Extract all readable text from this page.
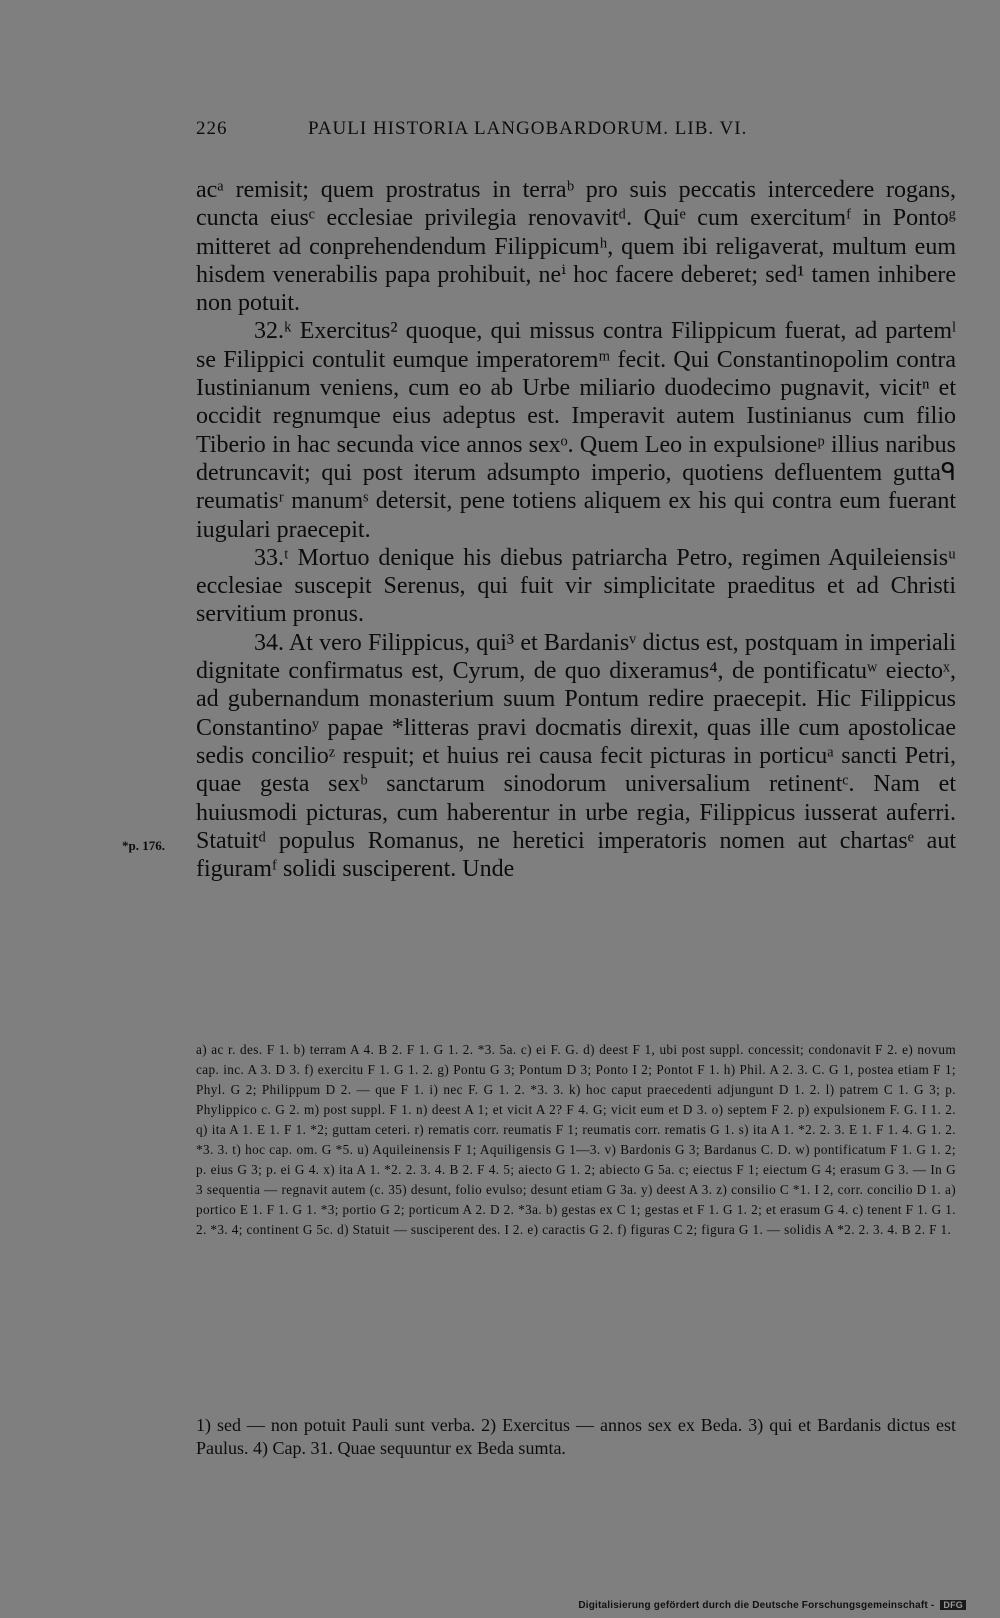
226	PAULI HISTORIA LANGOBARDORUM. LIB. VI.
*p. 176.

acᵃ remisit; quem prostratus in terraᵇ pro suis peccatis intercedere rogans, cuncta eiusᶜ ecclesiae privilegia renovavitᵈ. Quiᵉ cum exercitumᶠ in Pontoᵍ mitteret ad conprehendendum Filippicumʰ, quem ibi religaverat, multum eum hisdem venerabilis papa prohibuit, neⁱ hoc facere deberet; sed¹ tamen inhibere non potuit.

32.ᵏ Exercitus² quoque, qui missus contra Filippicum fuerat, ad partemˡ se Filippici contulit eumque imperatoremᵐ fecit. Qui Constantinopolim contra Iustinianum veniens, cum eo ab Urbe miliario duodecimo pugnavit, vicitⁿ et occidit regnumque eius adeptus est. Imperavit autem Iustinianus cum filio Tiberio in hac secunda vice annos sexᵒ. Quem Leo in expulsioneᵖ illius naribus detruncavit; qui post iterum adsumpto imperio, quotiens defluentem guttaᑫ reumatisʳ manumˢ detersit, pene totiens aliquem ex his qui contra eum fuerant iugulari praecepit.

33.ᵗ Mortuo denique his diebus patriarcha Petro, regimen Aquileiensisᵘ ecclesiae suscepit Serenus, qui fuit vir simplicitate praeditus et ad Christi servitium pronus.

34. At vero Filippicus, qui³ et Bardanisᵛ dictus est, postquam in imperiali dignitate confirmatus est, Cyrum, de quo dixeramus⁴, de pontificatuʷ eiectoˣ, ad gubernandum monasterium suum Pontum redire praecepit. Hic Filippicus Constantinoʸ papae *litteras pravi docmatis direxit, quas ille cum apostolicae sedis concilioᶻ respuit; et huius rei causa fecit picturas in porticuᵃ sancti Petri, quae gesta sexᵇ sanctarum sinodorum universalium retinentᶜ. Nam et huiusmodi picturas, cum haberentur in urbe regia, Filippicus iusserat auferri. Statuitᵈ populus Romanus, ne heretici imperatoris nomen aut chartasᵉ aut figuramᶠ solidi susciperent. Unde

a) ac r. des. F 1. b) terram A 4. B 2. F 1. G 1. 2. *3. 5a. c) ei F. G. d) deest F 1, ubi post suppl. concessit; condonavit F 2. e) novum cap. inc. A 3. D 3. f) exercitu F 1. G 1. 2. g) Pontu G 3; Pontum D 3; Ponto I 2; Pontot F 1. h) Phil. A 2. 3. C. G 1, postea etiam F 1; Phyl. G 2; Philippum D 2. — que F 1. i) nec F. G 1. 2. *3. 3. k) hoc caput praecedenti adjungunt D 1. 2. l) patrem C 1. G 3; p. Phylippico c. G 2. m) post suppl. F 1. n) deest A 1; et vicit A 2? F 4. G; vicit eum et D 3. o) septem F 2. p) expulsionem F. G. I 1. 2. q) ita A 1. E 1. F 1. *2; guttam ceteri. r) rematis corr. reumatis F 1; reumatis corr. rematis G 1. s) ita A 1. *2. 2. 3. E 1. F 1. 4. G 1. 2. *3. 3. t) hoc cap. om. G *5. u) Aquileinensis F 1; Aquiligensis G 1—3. v) Bardonis G 3; Bardanus C. D. w) pontificatum F 1. G 1. 2; p. eius G 3; p. ei G 4. x) ita A 1. *2. 2. 3. 4. B 2. F 4. 5; aiecto G 1. 2; abiecto G 5a. c; eiectus F 1; eiectum G 4; erasum G 3. — In G 3 sequentia — regnavit autem (c. 35) desunt, folio evulso; desunt etiam G 3a. y) deest A 3. z) consilio C *1. I 2, corr. concilio D 1. a) portico E 1. F 1. G 1. *3; portio G 2; porticum A 2. D 2. *3a. b) gestas ex C 1; gestas et F 1. G 1. 2; et erasum G 4. c) tenent F 1. G 1. 2. *3. 4; continent G 5c. d) Statuit — susciperent des. I 2. e) caractis G 2. f) figuras C 2; figura G 1. — solidis A *2. 2. 3. 4. B 2. F 1.

1) sed — non potuit Pauli sunt verba. 2) Exercitus — annos sex ex Beda. 3) qui et Bardanis dictus est Paulus. 4) Cap. 31. Quae sequuntur ex Beda sumta.

Digitalisierung gefördert durch die Deutsche Forschungsgemeinschaft - DFG
